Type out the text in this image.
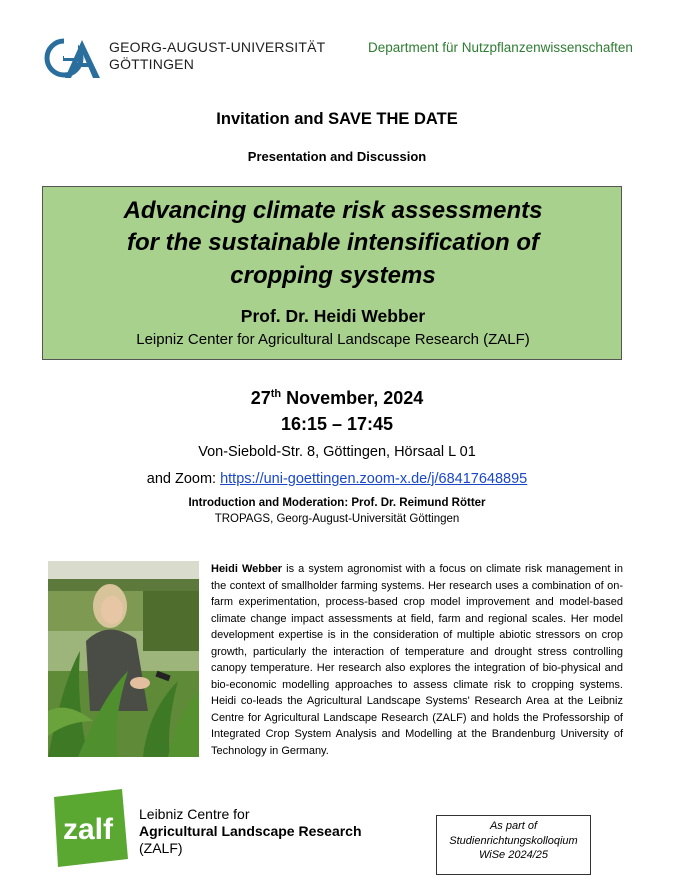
GEORG-AUGUST-UNIVERSITÄT
GÖTTINGEN
Department für Nutzpflanzenwissenschaften
Invitation and SAVE THE DATE
Presentation and Discussion
Advancing climate risk assessments
for the sustainable intensification of
cropping systems
Prof. Dr. Heidi Webber
Leipniz Center for Agricultural Landscape Research (ZALF)
27th November, 2024
16:15 – 17:45
Von-Siebold-Str. 8, Göttingen, Hörsaal L 01
and Zoom: https://uni-goettingen.zoom-x.de/j/68417648895
Introduction and Moderation: Prof. Dr. Reimund Rötter
TROPAGS, Georg-August-Universität Göttingen
Heidi Webber is a system agronomist with a focus on climate risk management in the context of smallholder farming systems. Her research uses a combination of on-farm experimentation, process-based crop model improvement and model-based climate change impact assessments at field, farm and regional scales. Her model development expertise is in the consideration of multiple abiotic stressors on crop growth, particularly the interaction of temperature and drought stress controlling canopy temperature. Her research also explores the integration of bio-physical and bio-economic modelling approaches to assess climate risk to cropping systems. Heidi co-leads the Agricultural Landscape Systems' Research Area at the Leibniz Centre for Agricultural Landscape Research (ZALF) and holds the Professorship of Integrated Crop System Analysis and Modelling at the Brandenburg University of Technology in Germany.
zalf Leibniz Centre for
Agricultural Landscape Research
(ZALF)
As part of
Studienrichtungskolloqium
WiSe 2024/25
